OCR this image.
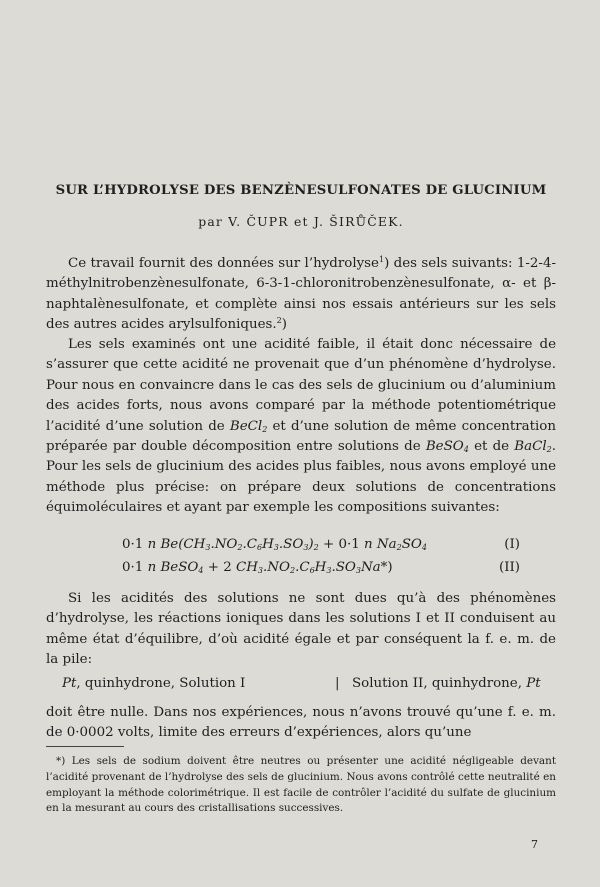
SUR L’HYDROLYSE DES BENZÈNESULFONATES DE GLUCINIUM
par V. ČUPR et J. ŠIRŮČEK.
Ce travail fournit des données sur l’hydrolyse$^1$) des sels suivants: 1-2-4-méthylnitrobenzènesulfonate, 6-3-1-chloronitrobenzènesulfonate, α- et β-naphtalènesulfonate, et complète ainsi nos essais antérieurs sur les sels des autres acides arylsulfoniques.$^2$)
Les sels examinés ont une acidité faible, il était donc nécessaire de s’assurer que cette acidité ne provenait que d’un phénomène d’hydrolyse. Pour nous en convaincre dans le cas des sels de glucinium ou d’aluminium des acides forts, nous avons comparé par la méthode potentiométrique l’acidité d’une solution de BeCl$_2$ et d’une solution de même concentration préparée par double décomposition entre solutions de BeSO$_4$ et de BaCl$_2$. Pour les sels de glucinium des acides plus faibles, nous avons employé une méthode plus précise: on prépare deux solutions de concentrations équimoléculaires et ayant par exemple les compositions suivantes:
0·1 n $Be(CH_3.NO_2.C_6H_3.SO_3)_2 + 0\cdot 1$ n $Na_2SO_4$	(I)
0·1 n BeSO$_4$ + 2 $CH_3.NO_2.C_6H_3.SO_3Na*$)	(II)
Si les acidités des solutions ne sont dues qu’à des phénomènes d’hydrolyse, les réactions ioniques dans les solutions I et II conduisent au même état d’équilibre, d’où acidité égale et par conséquent la f. e. m. de la pile:
Pt, quinhydrone, Solution I	| Solution II, quinhydrone, Pt
doit être nulle. Dans nos expériences, nous n’avons trouvé qu’une f. e. m. de 0·0002 volts, limite des erreurs d’expériences, alors qu’une
*) Les sels de sodium doivent être neutres ou présenter une acidité négligeable devant l’acidité provenant de l’hydrolyse des sels de glucinium. Nous avons contrôlé cette neutralité en employant la méthode colorimétrique. Il est facile de contrôler l’acidité du sulfate de glucinium en la mesurant au cours des cristallisations successives.
7
